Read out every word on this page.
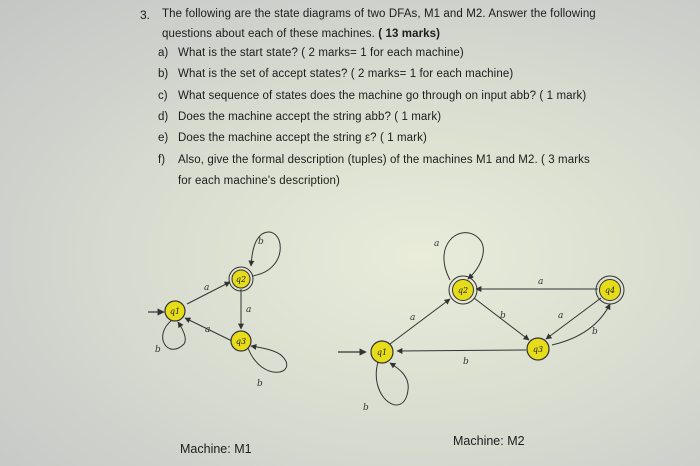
3. The following are the state diagrams of two DFAs, M1 and M2. Answer the following
questions about each of these machines. ( 13 marks)
a) What is the start state? ( 2 marks= 1 for each machine)
b) What is the set of accept states? ( 2 marks= 1 for each machine)
c) What sequence of states does the machine go through on input abb? ( 1 mark)
d) Does the machine accept the string abb? ( 1 mark)
e) Does the machine accept the string ε? ( 1 mark)
f) Also, give the formal description (tuples) of the machines M1 and M2. ( 3 marks
for each machine's description)
q1
q2
q3
a
b
a
a
b
b
q1
q2
q3
q4
a
a	b
a
a
b
b
b
Machine: M1
Machine: M2
